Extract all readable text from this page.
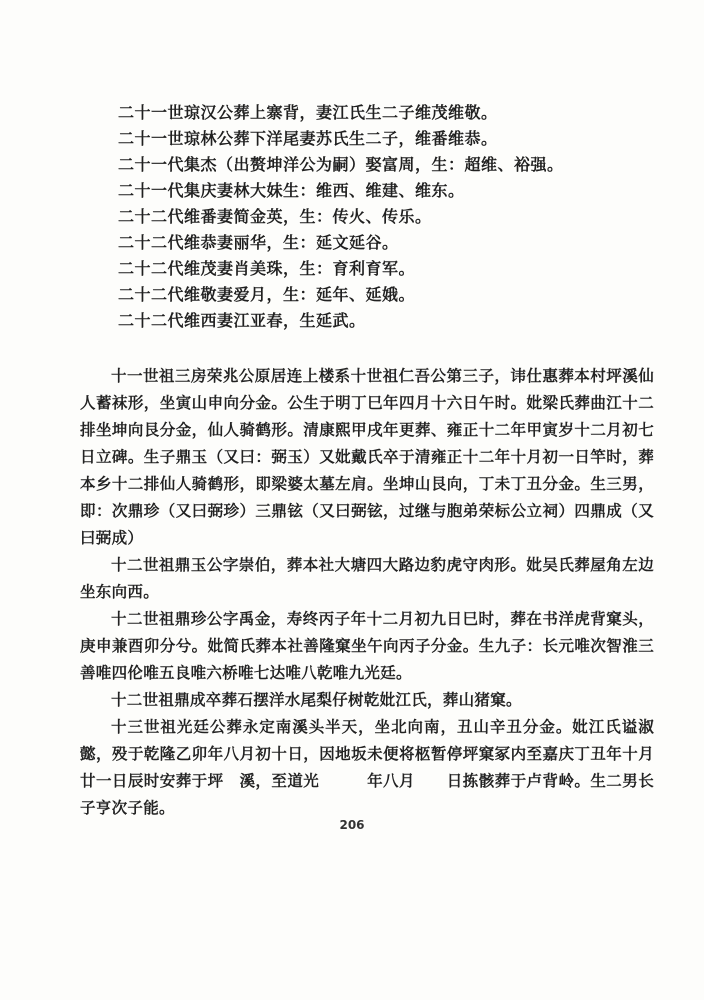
二十一世琼汉公葬上寨背，妻江氏生二子维茂维敬。
二十一世琼林公葬下洋尾妻苏氏生二子，维番维恭。
二十一代集杰（出赘坤洋公为嗣）娶富周，生：超维、裕强。
二十一代集庆妻林大妹生：维西、维建、维东。
二十二代维番妻简金英，生：传火、传乐。
二十二代维恭妻丽华，生：延文延谷。
二十二代维茂妻肖美珠，生：育利育军。
二十二代维敬妻爱月，生：延年、延娥。
二十二代维西妻江亚春，生延武。

十一世祖三房荣兆公原居连上楼系十世祖仁吾公第三子，讳仕惠葬本村坪溪仙人蓄袜形，坐寅山申向分金。公生于明丁巳年四月十六日午时。妣梁氏葬曲江十二排坐坤向艮分金，仙人骑鹤形。清康熙甲戌年更葬、雍正十二年甲寅岁十二月初七日立碑。生子鼎玉（又曰：弼玉）又妣戴氏卒于清雍正十二年十月初一日竿时，葬本乡十二排仙人骑鹤形，即梁婆太墓左肩。坐坤山艮向，丁未丁丑分金。生三男，即：次鼎珍（又曰弼珍）三鼎铉（又曰弼铉，过继与胞弟荣标公立祠）四鼎成（又曰弼成）

十二世祖鼎玉公字崇伯，葬本社大塘四大路边豹虎守肉形。妣吴氏葬屋角左边坐东向西。

十二世祖鼎珍公字禹金，寿终丙子年十二月初九日巳时，葬在书洋虎背窠头，庚申兼酉卯分兮。妣简氏葬本社善隆窠坐午向丙子分金。生九子：长元唯次智淮三善唯四伦唯五良唯六桥唯七达唯八乾唯九光廷。

十二世祖鼎成卒葬石摆洋水尾梨仔树乾妣江氏，葬山猪窠。

十三世祖光廷公葬永定南溪头半天，坐北向南，丑山辛丑分金。妣江氏谥淑懿，殁于乾隆乙卯年八月初十日，因地坂未便将柩暂停坪窠冢内至嘉庆丁丑年十月廿一日辰时安葬于坪　溪，至道光　　　年八月　　日拣骸葬于卢背岭。生二男长子亨次子能。

206
